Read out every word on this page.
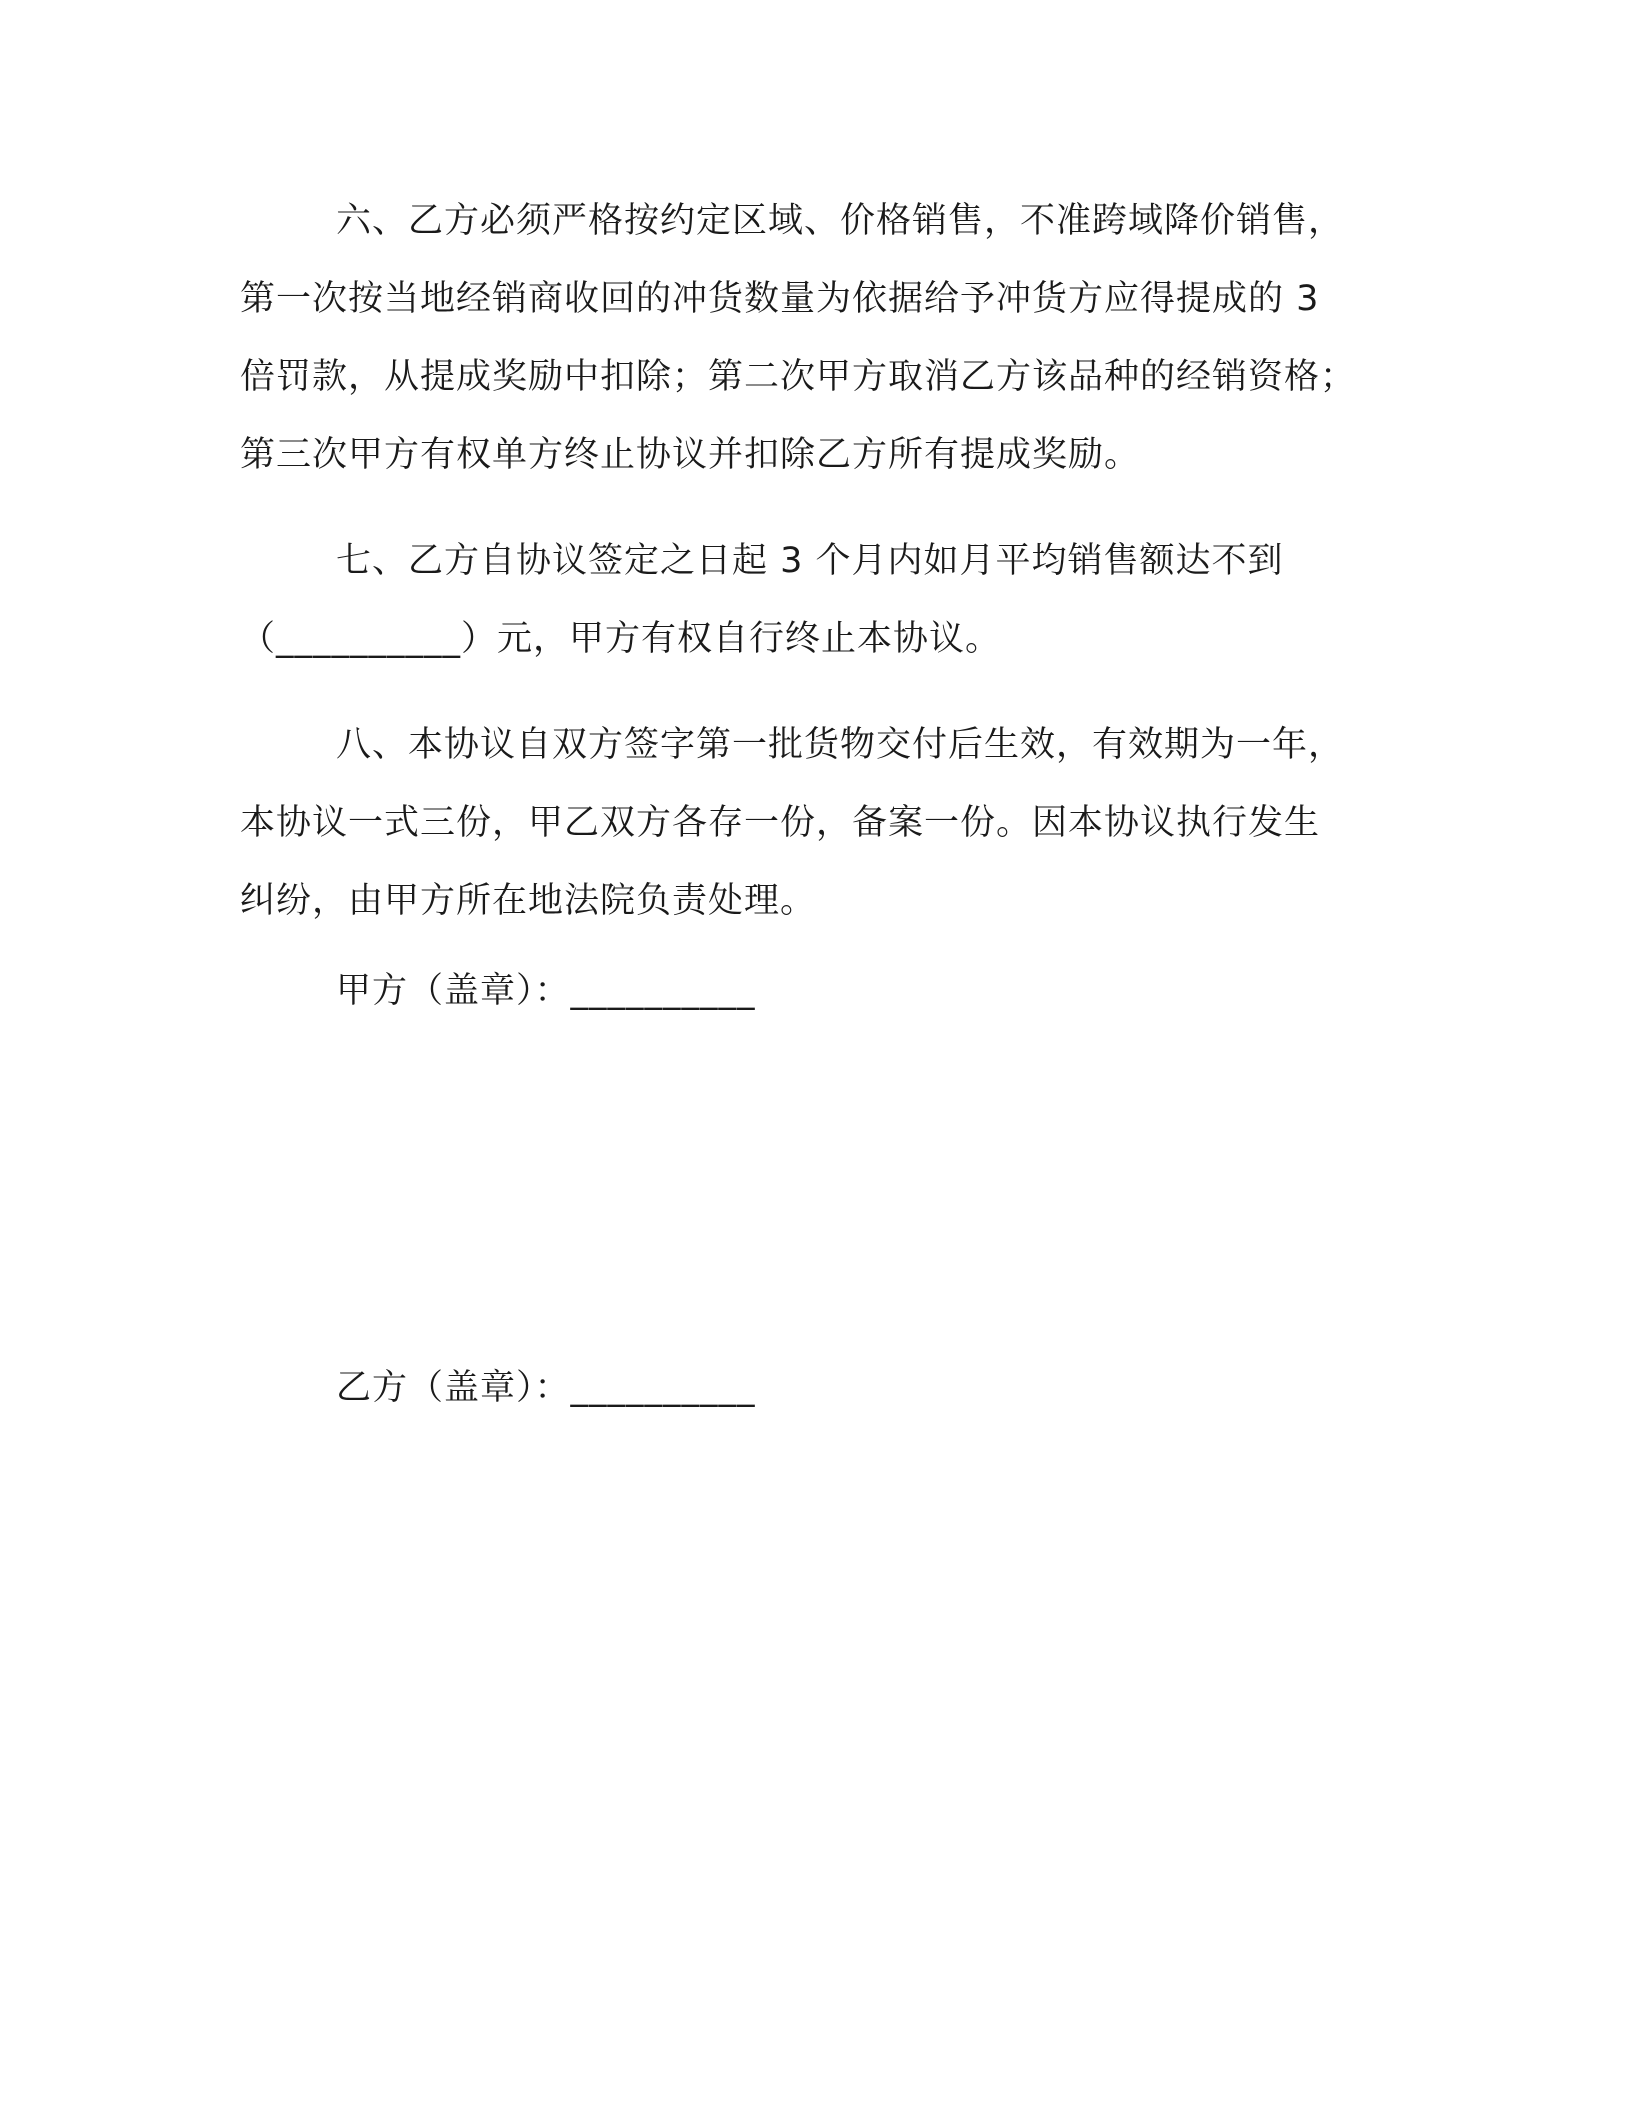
六、乙方必须严格按约定区域、价格销售，不准跨域降价销售，
第一次按当地经销商收回的冲货数量为依据给予冲货方应得提成的 3
倍罚款，从提成奖励中扣除；第二次甲方取消乙方该品种的经销资格；
第三次甲方有权单方终止协议并扣除乙方所有提成奖励。

七、乙方自协议签定之日起 3 个月内如月平均销售额达不到
（__________）元，甲方有权自行终止本协议。

八、本协议自双方签字第一批货物交付后生效，有效期为一年，
本协议一式三份，甲乙双方各存一份，备案一份。因本协议执行发生
纠纷，由甲方所在地法院负责处理。

甲方（盖章）：__________
乙方（盖章）：__________
